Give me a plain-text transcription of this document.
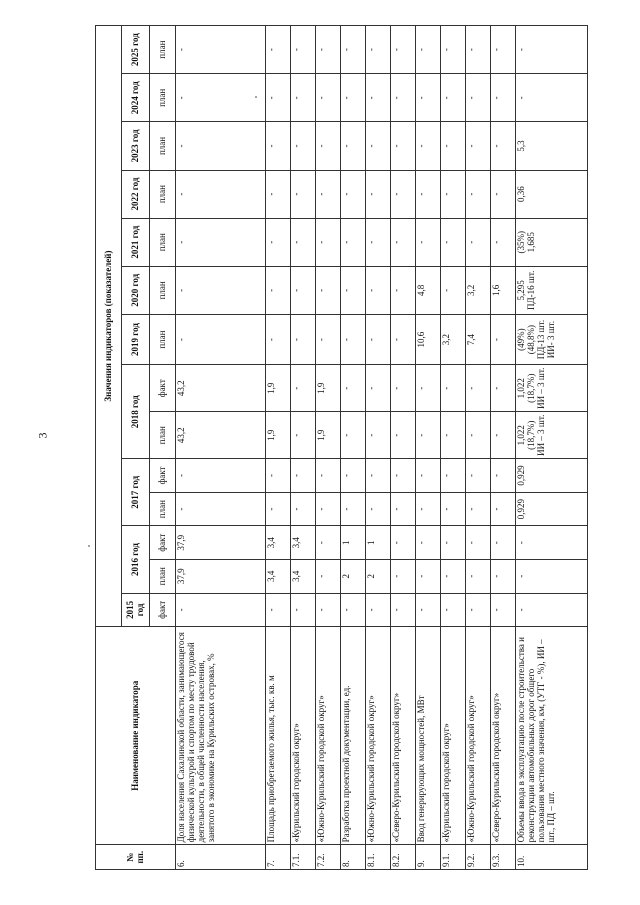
3
№ пп.	Наименование индикатора	Значения индикаторов (показателей)													
		2015 год	2016 год		2017 год		2018 год		2019 год	2020 год	2021 год	2022 год	2023 год	2024 год	2025 год
		факт	план	факт	план	факт	план	факт	план	план	план	план	план	план	план
6.	Доля населения Сахалинской области, занимающегося физической культурой и спортом по месту трудовой деятельности, в общей численности населения, занятого в экономике на Курильских островах, %	-	37,9	37,9	-	-	43,2	43,2	-	-	-	-	-	-	-
7.	Площадь приобретаемого жилья, тыс. кв. м	-	3,4	3,4	-	-	1,9	1,9	-	-	-	-	-	-	-
7.1.	«Курильский городской округ»	-	3,4	3,4	-	-	-	-	-	-	-	-	-	-	-
7.2.	«Южно-Курильский городской округ»	-	-	-	-	-	1,9	1,9	-	-	-	-	-	-	-
8.	Разработка проектной документации, ед.	-	2	1	-	-	-	-	-	-	-	-	-	-	-
8.1.	«Южно-Курильский городской округ»	-	2	1	-	-	-	-	-	-	-	-	-	-	-
8.2.	«Северо-Курильский городской округ»	-	-	-	-	-	-	-	-	-	-	-	-	-	-
9.	Ввод генерирующих мощностей, МВт	-	-	-	-	-	-	-	10,6	4,8	-	-	-	-	-
9.1.	«Курильский городской округ»	-	-	-	-	-	-	-	3,2	-	-	-	-	-	-
9.2.	«Южно-Курильский городской округ»	-	-	-	-	-	-	-	7,4	3,2	-	-	-	-	-
9.3.	«Северо-Курильский городской округ»	-	-	-	-	-	-	-	-	1,6	-	-	-	-	-
10.	Объемы ввода в эксплуатацию после строительства и реконструкции автомобильных дорог общего пользования местного значения, км, (УТГ - %), ИИ – шт., ПД – шт.	-	-	-	0,929	0,929	1,022 (18,7%) ИИ – 3 шт.	1,022 (18,7%) ИИ – 3 шт.	(49%) (48,8%) ПД-13 шт. ИИ- 3 шт.	5,295 ПД-16 шт.	(35%) 1,685	0,36	5,3	-	-
